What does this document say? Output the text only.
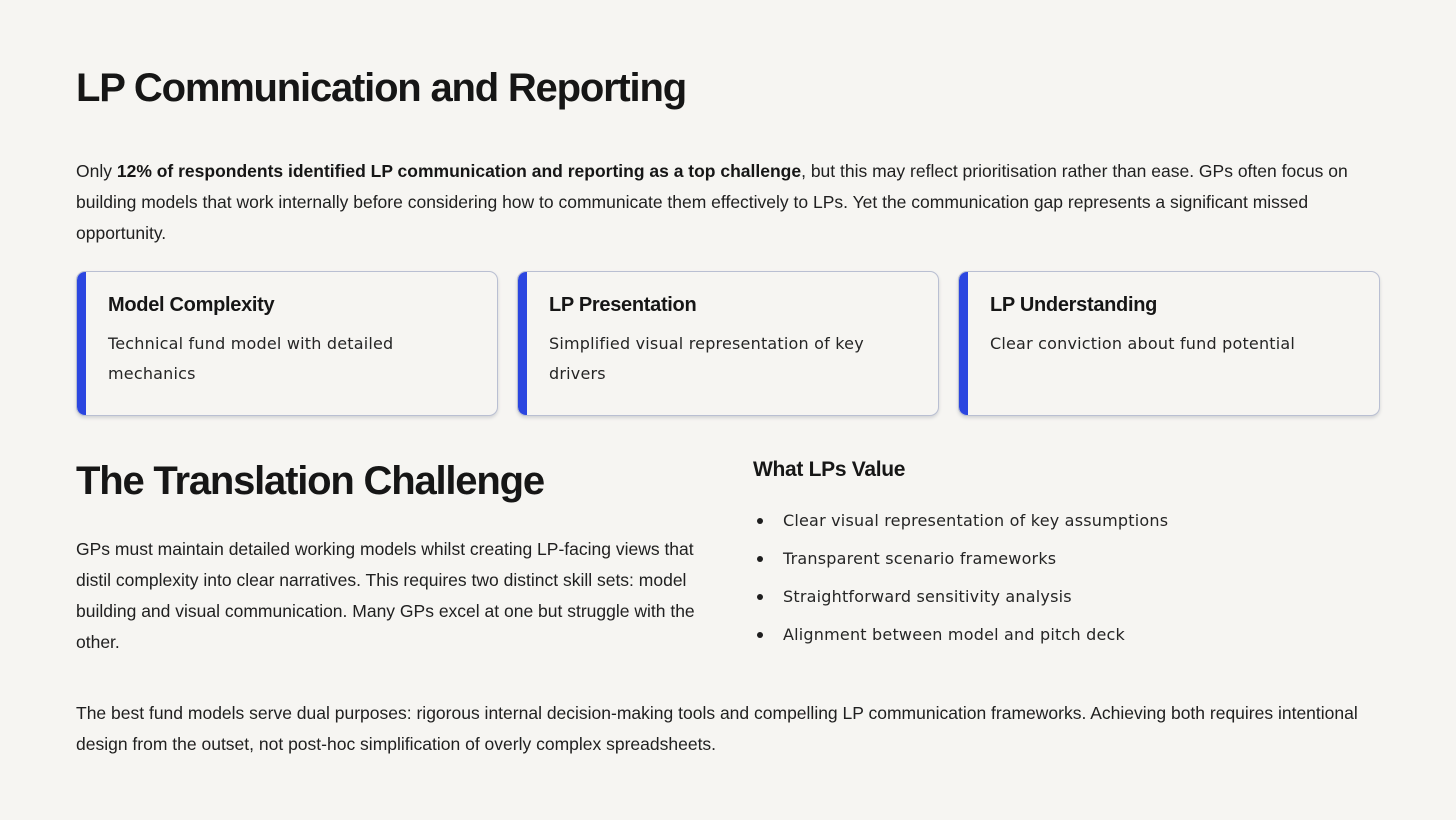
LP Communication and Reporting

Only 12% of respondents identified LP communication and reporting as a top challenge, but this may reflect prioritisation rather than ease. GPs often focus on building models that work internally before considering how to communicate them effectively to LPs. Yet the communication gap represents a significant missed opportunity.

Model Complexity
Technical fund model with detailed mechanics
LP Presentation
Simplified visual representation of key drivers
LP Understanding
Clear conviction about fund potential
The Translation Challenge

GPs must maintain detailed working models whilst creating LP-facing views that distil complexity into clear narratives. This requires two distinct skill sets: model building and visual communication. Many GPs excel at one but struggle with the other.

What LPs Value
Clear visual representation of key assumptions
Transparent scenario frameworks
Straightforward sensitivity analysis
Alignment between model and pitch deck

The best fund models serve dual purposes: rigorous internal decision-making tools and compelling LP communication frameworks. Achieving both requires intentional design from the outset, not post-hoc simplification of overly complex spreadsheets.
